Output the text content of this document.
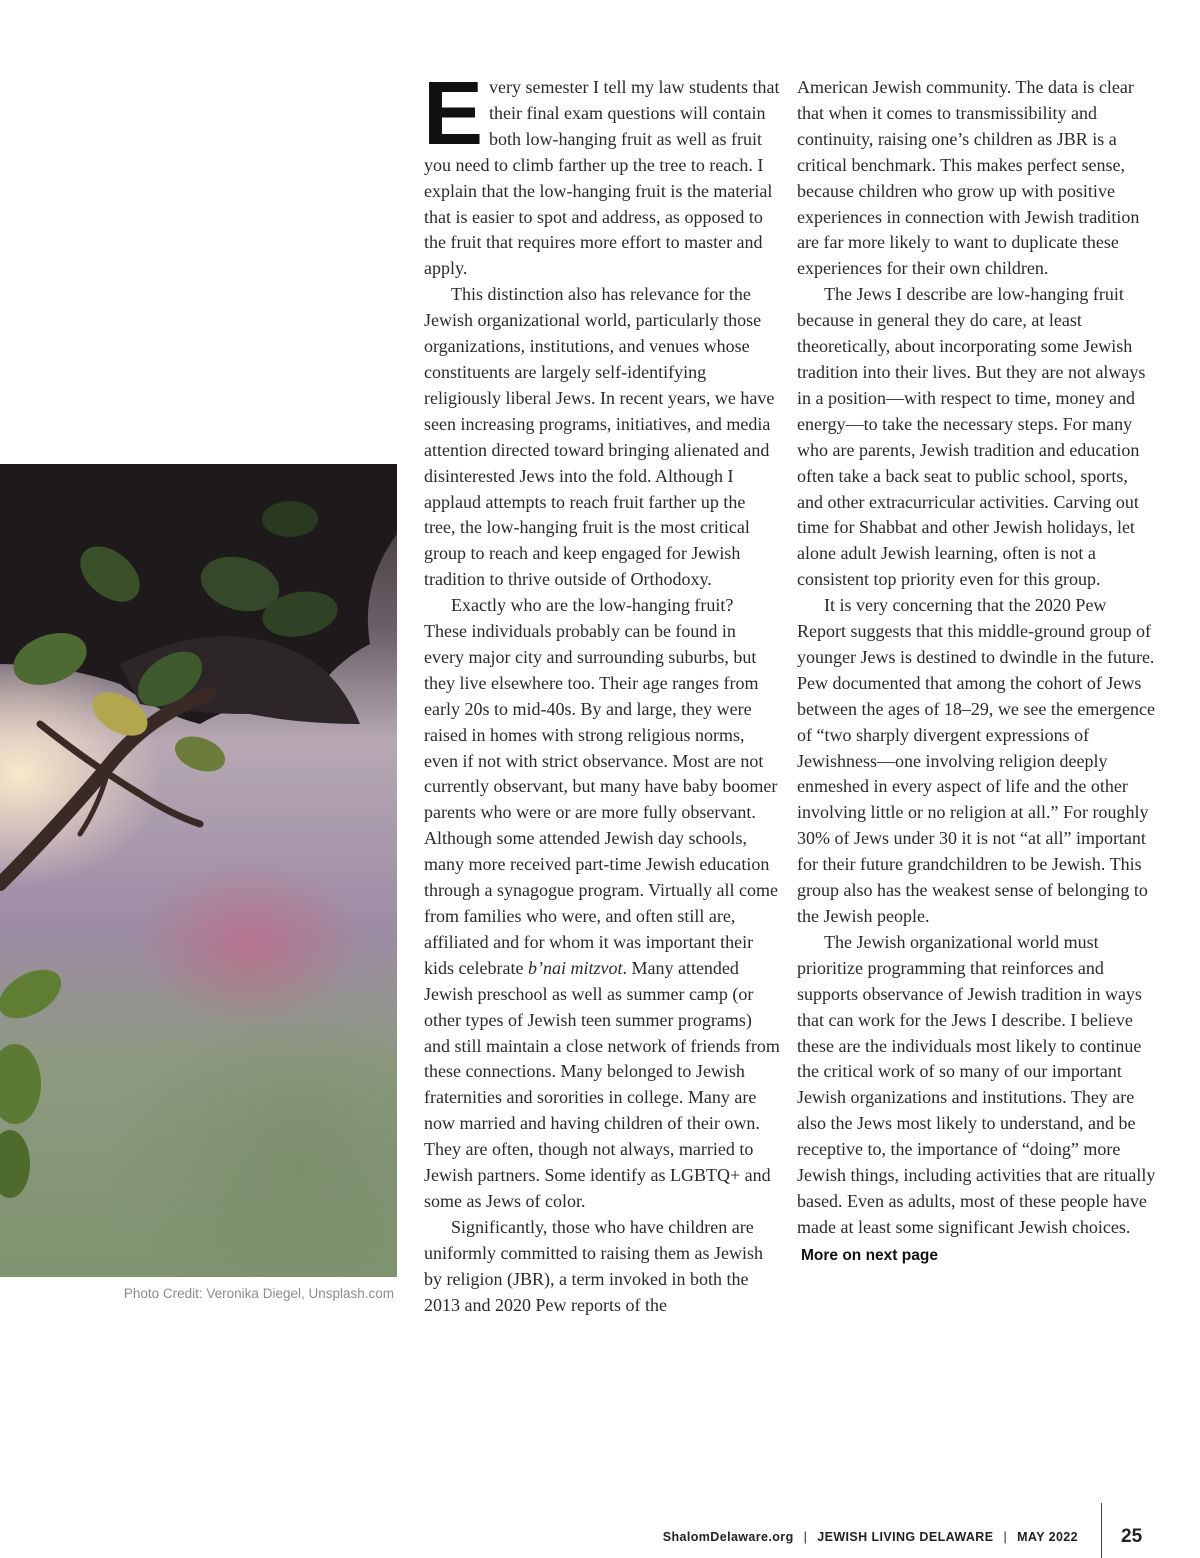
Photo Credit: Veronika Diegel, Unsplash.com

Every semester I tell my law students that their final exam questions will contain both low-hanging fruit as well as fruit you need to climb farther up the tree to reach. I explain that the low-hanging fruit is the material that is easier to spot and address, as opposed to the fruit that requires more effort to master and apply.

This distinction also has relevance for the Jewish organizational world, particularly those organizations, institutions, and venues whose constituents are largely self-identifying religiously liberal Jews. In recent years, we have seen increasing programs, initiatives, and media attention directed toward bringing alienated and disinterested Jews into the fold. Although I applaud attempts to reach fruit farther up the tree, the low-hanging fruit is the most critical group to reach and keep engaged for Jewish tradition to thrive outside of Orthodoxy.

Exactly who are the low-hanging fruit? These individuals probably can be found in every major city and surrounding suburbs, but they live elsewhere too. Their age ranges from early 20s to mid-40s. By and large, they were raised in homes with strong religious norms, even if not with strict observance. Most are not currently observant, but many have baby boomer parents who were or are more fully observant. Although some attended Jewish day schools, many more received part-time Jewish education through a synagogue program. Virtually all come from families who were, and often still are, affiliated and for whom it was important their kids celebrate b’nai mitzvot. Many attended Jewish preschool as well as summer camp (or other types of Jewish teen summer programs) and still maintain a close network of friends from these connections. Many belonged to Jewish fraternities and sororities in college. Many are now married and having children of their own. They are often, though not always, married to Jewish partners. Some identify as LGBTQ+ and some as Jews of color.

Significantly, those who have children are uniformly committed to raising them as Jewish by religion (JBR), a term invoked in both the 2013 and 2020 Pew reports of the

American Jewish community. The data is clear that when it comes to transmissibility and continuity, raising one’s children as JBR is a critical benchmark. This makes perfect sense, because children who grow up with positive experiences in connection with Jewish tradition are far more likely to want to duplicate these experiences for their own children.

The Jews I describe are low-hanging fruit because in general they do care, at least theoretically, about incorporating some Jewish tradition into their lives. But they are not always in a position—with respect to time, money and energy—to take the necessary steps. For many who are parents, Jewish tradition and education often take a back seat to public school, sports, and other extracurricular activities. Carving out time for Shabbat and other Jewish holidays, let alone adult Jewish learning, often is not a consistent top priority even for this group.

It is very concerning that the 2020 Pew Report suggests that this middle-ground group of younger Jews is destined to dwindle in the future. Pew documented that among the cohort of Jews between the ages of 18–29, we see the emergence of “two sharply divergent expressions of Jewishness—one involving religion deeply enmeshed in every aspect of life and the other involving little or no religion at all.” For roughly 30% of Jews under 30 it is not “at all” important for their future grandchildren to be Jewish. This group also has the weakest sense of belonging to the Jewish people.

The Jewish organizational world must prioritize programming that reinforces and supports observance of Jewish tradition in ways that can work for the Jews I describe. I believe these are the individuals most likely to continue the critical work of so many of our important Jewish organizations and institutions. They are also the Jews most likely to understand, and be receptive to, the importance of “doing” more Jewish things, including activities that are ritually based. Even as adults, most of these people have made at least some significant Jewish choices.

More on next page
ShalomDelaware.org | JEWISH LIVING DELAWARE | MAY 2022 25
